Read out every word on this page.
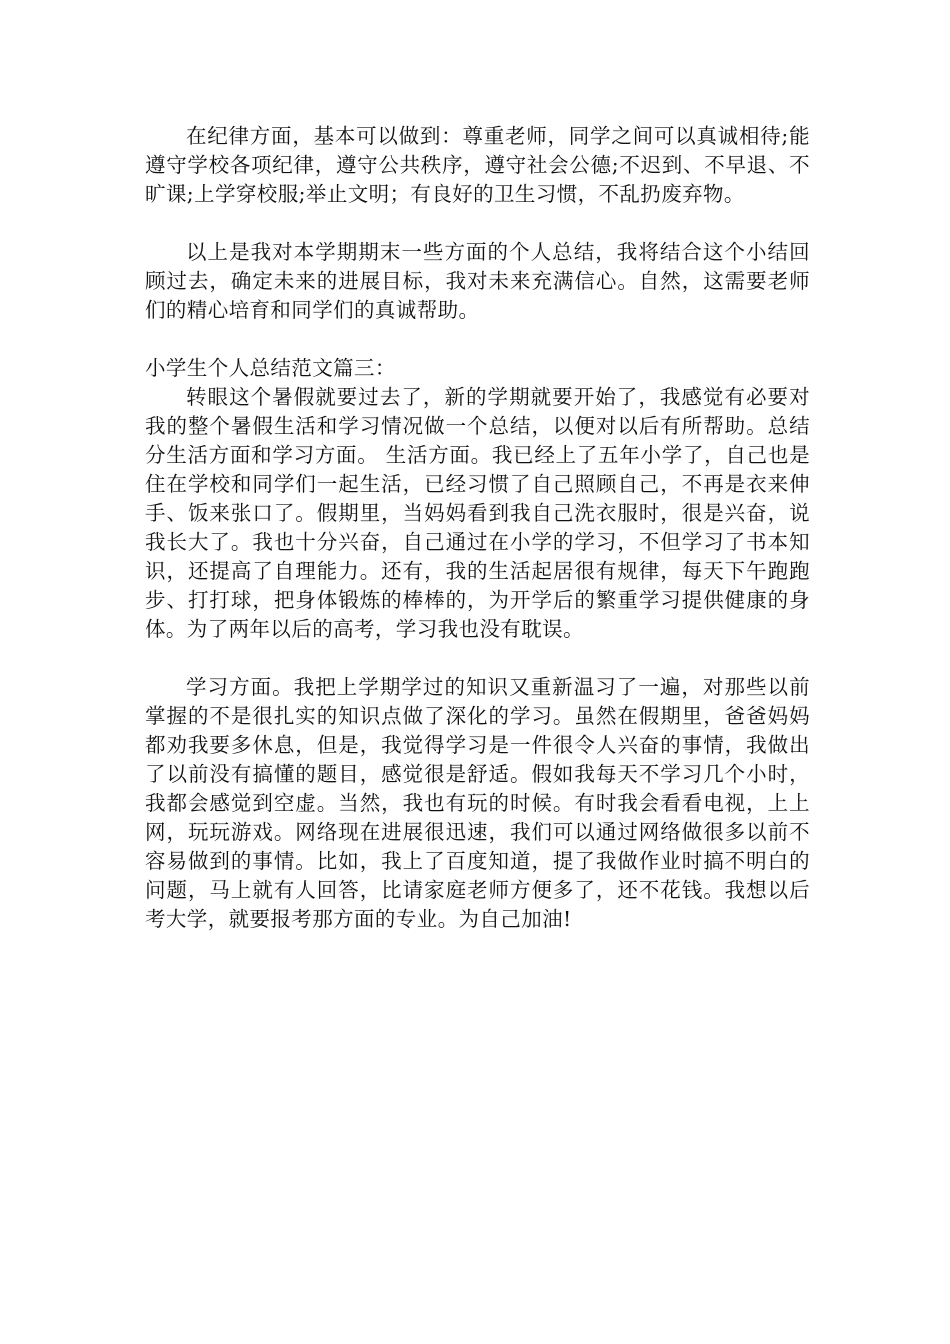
在纪律方面，基本可以做到：尊重老师，同学之间可以真诚相待;能遵守学校各项纪律，遵守公共秩序，遵守社会公德;不迟到、不早退、不旷课;上学穿校服;举止文明；有良好的卫生习惯，不乱扔废弃物。

以上是我对本学期期末一些方面的个人总结，我将结合这个小结回顾过去，确定未来的进展目标，我对未来充满信心。自然，这需要老师们的精心培育和同学们的真诚帮助。

小学生个人总结范文篇三：

转眼这个暑假就要过去了，新的学期就要开始了，我感觉有必要对我的整个暑假生活和学习情况做一个总结，以便对以后有所帮助。总结分生活方面和学习方面。 生活方面。我已经上了五年小学了，自己也是住在学校和同学们一起生活，已经习惯了自己照顾自己，不再是衣来伸手、饭来张口了。假期里，当妈妈看到我自己洗衣服时，很是兴奋，说我长大了。我也十分兴奋，自己通过在小学的学习，不但学习了书本知识，还提高了自理能力。还有，我的生活起居很有规律，每天下午跑跑步、打打球，把身体锻炼的棒棒的，为开学后的繁重学习提供健康的身体。为了两年以后的高考，学习我也没有耽误。

学习方面。我把上学期学过的知识又重新温习了一遍，对那些以前掌握的不是很扎实的知识点做了深化的学习。虽然在假期里，爸爸妈妈都劝我要多休息，但是，我觉得学习是一件很令人兴奋的事情，我做出了以前没有搞懂的题目，感觉很是舒适。假如我每天不学习几个小时，我都会感觉到空虚。当然，我也有玩的时候。有时我会看看电视，上上网，玩玩游戏。网络现在进展很迅速，我们可以通过网络做很多以前不容易做到的事情。比如，我上了百度知道，提了我做作业时搞不明白的问题，马上就有人回答，比请家庭老师方便多了，还不花钱。我想以后考大学，就要报考那方面的专业。为自己加油!
